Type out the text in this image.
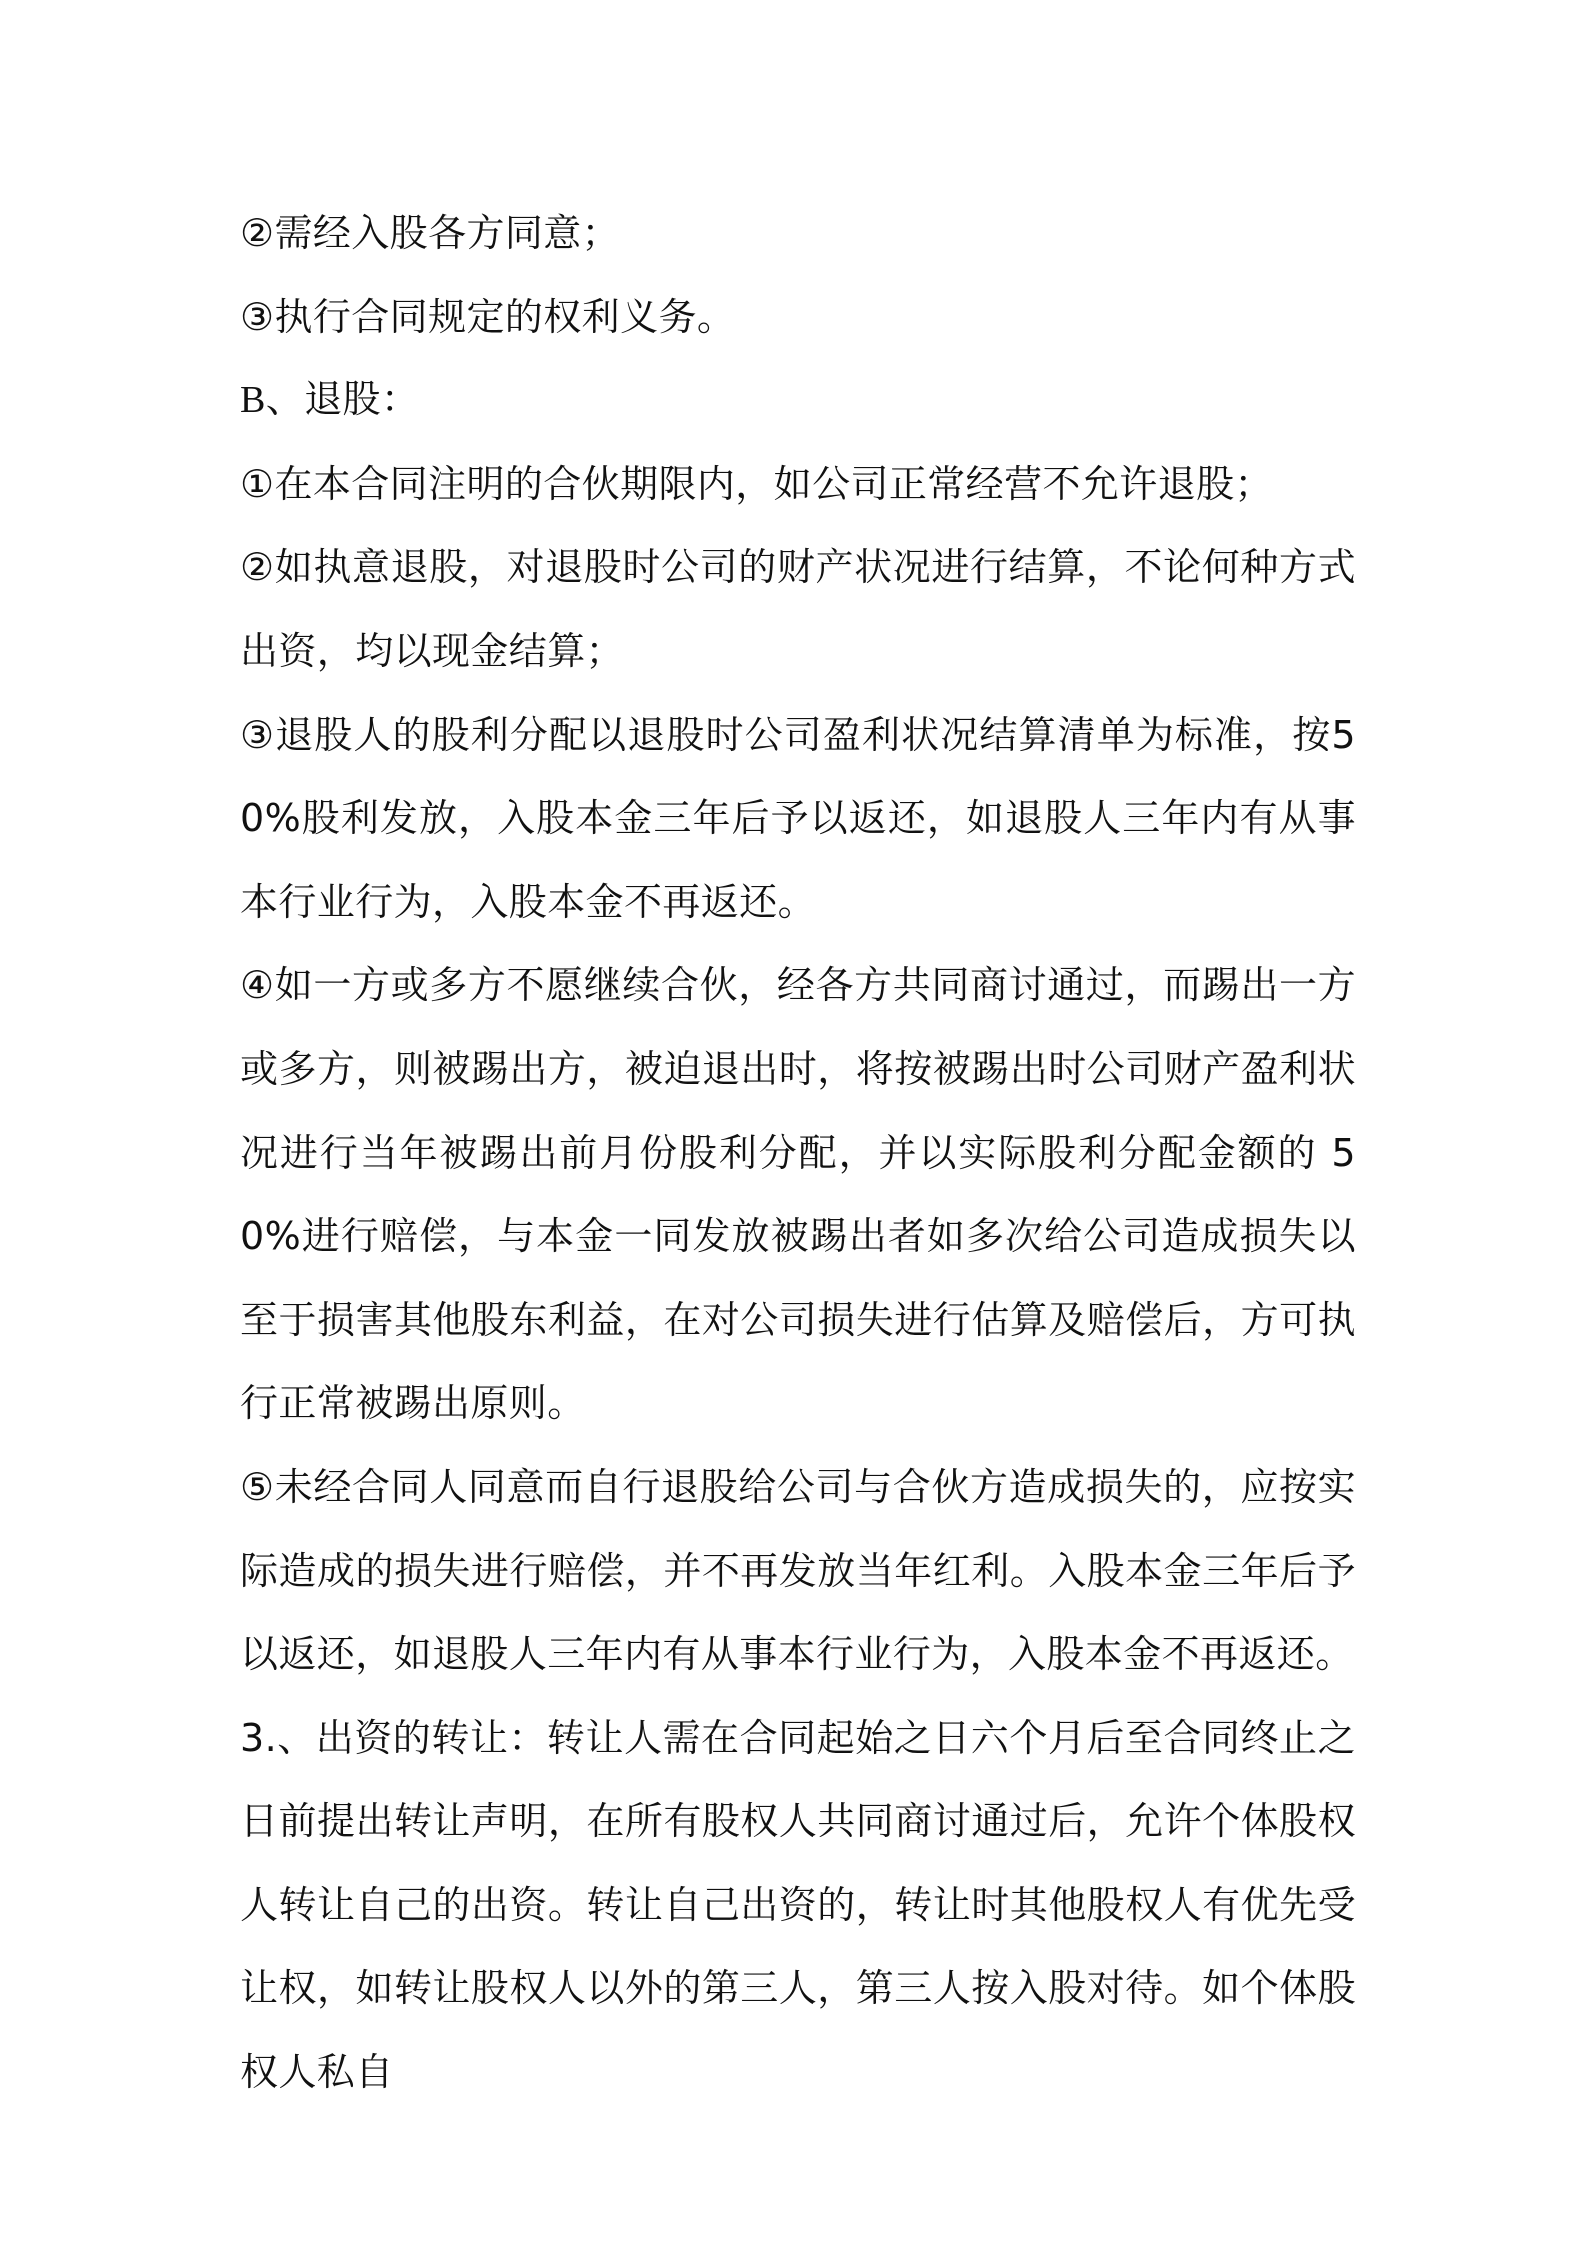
②需经入股各方同意；

③执行合同规定的权利义务。

B、退股：

①在本合同注明的合伙期限内，如公司正常经营不允许退股；

②如执意退股，对退股时公司的财产状况进行结算，不论何种方式出资，均以现金结算；

③退股人的股利分配以退股时公司盈利状况结算清单为标准，按50%股利发放，入股本金三年后予以返还，如退股人三年内有从事本行业行为，入股本金不再返还。

④如一方或多方不愿继续合伙，经各方共同商讨通过，而踢出一方或多方，则被踢出方，被迫退出时，将按被踢出时公司财产盈利状况进行当年被踢出前月份股利分配，并以实际股利分配金额的 50%进行赔偿，与本金一同发放被踢出者如多次给公司造成损失以至于损害其他股东利益，在对公司损失进行估算及赔偿后，方可执行正常被踢出原则。

⑤未经合同人同意而自行退股给公司与合伙方造成损失的，应按实际造成的损失进行赔偿，并不再发放当年红利。入股本金三年后予以返还，如退股人三年内有从事本行业行为，入股本金不再返还。

3.、出资的转让：转让人需在合同起始之日六个月后至合同终止之日前提出转让声明，在所有股权人共同商讨通过后，允许个体股权人转让自己的出资。转让自己出资的，转让时其他股权人有优先受让权，如转让股权人以外的第三人，第三人按入股对待。如个体股权人私自
